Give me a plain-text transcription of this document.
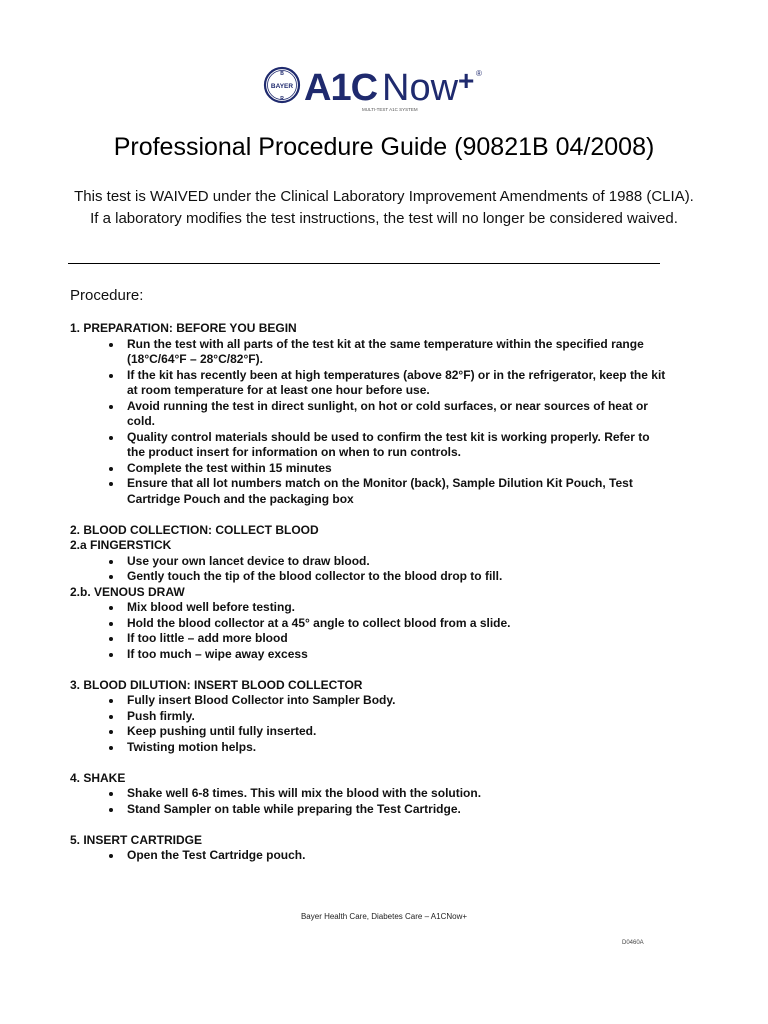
BAYER
B
R A1C Now + ®
MULTI-TEST A1C SYSTEM
Professional Procedure Guide (90821B 04/2008)
This test is WAIVED under the Clinical Laboratory Improvement Amendments of 1988 (CLIA). If a laboratory modifies the test instructions, the test will no longer be considered waived.
Procedure:
1. PREPARATION: BEFORE YOU BEGIN
Run the test with all parts of the test kit at the same temperature within the specified range (18°C/64°F – 28°C/82°F).
If the kit has recently been at high temperatures (above 82°F) or in the refrigerator, keep the kit at room temperature for at least one hour before use.
Avoid running the test in direct sunlight, on hot or cold surfaces, or near sources of heat or cold.
Quality control materials should be used to confirm the test kit is working properly. Refer to the product insert for information on when to run controls.
Complete the test within 15 minutes
Ensure that all lot numbers match on the Monitor (back), Sample Dilution Kit Pouch, Test Cartridge Pouch and the packaging box
2. BLOOD COLLECTION: COLLECT BLOOD
2.a FINGERSTICK
Use your own lancet device to draw blood.
Gently touch the tip of the blood collector to the blood drop to fill.
2.b. VENOUS DRAW
Mix blood well before testing.
Hold the blood collector at a 45° angle to collect blood from a slide.
If too little – add more blood
If too much – wipe away excess
3. BLOOD DILUTION: INSERT BLOOD COLLECTOR
Fully insert Blood Collector into Sampler Body.
Push firmly.
Keep pushing until fully inserted.
Twisting motion helps.
4. SHAKE
Shake well 6-8 times. This will mix the blood with the solution.
Stand Sampler on table while preparing the Test Cartridge.
5. INSERT CARTRIDGE
Open the Test Cartridge pouch.
Bayer Health Care, Diabetes Care – A1CNow+
D0460A
